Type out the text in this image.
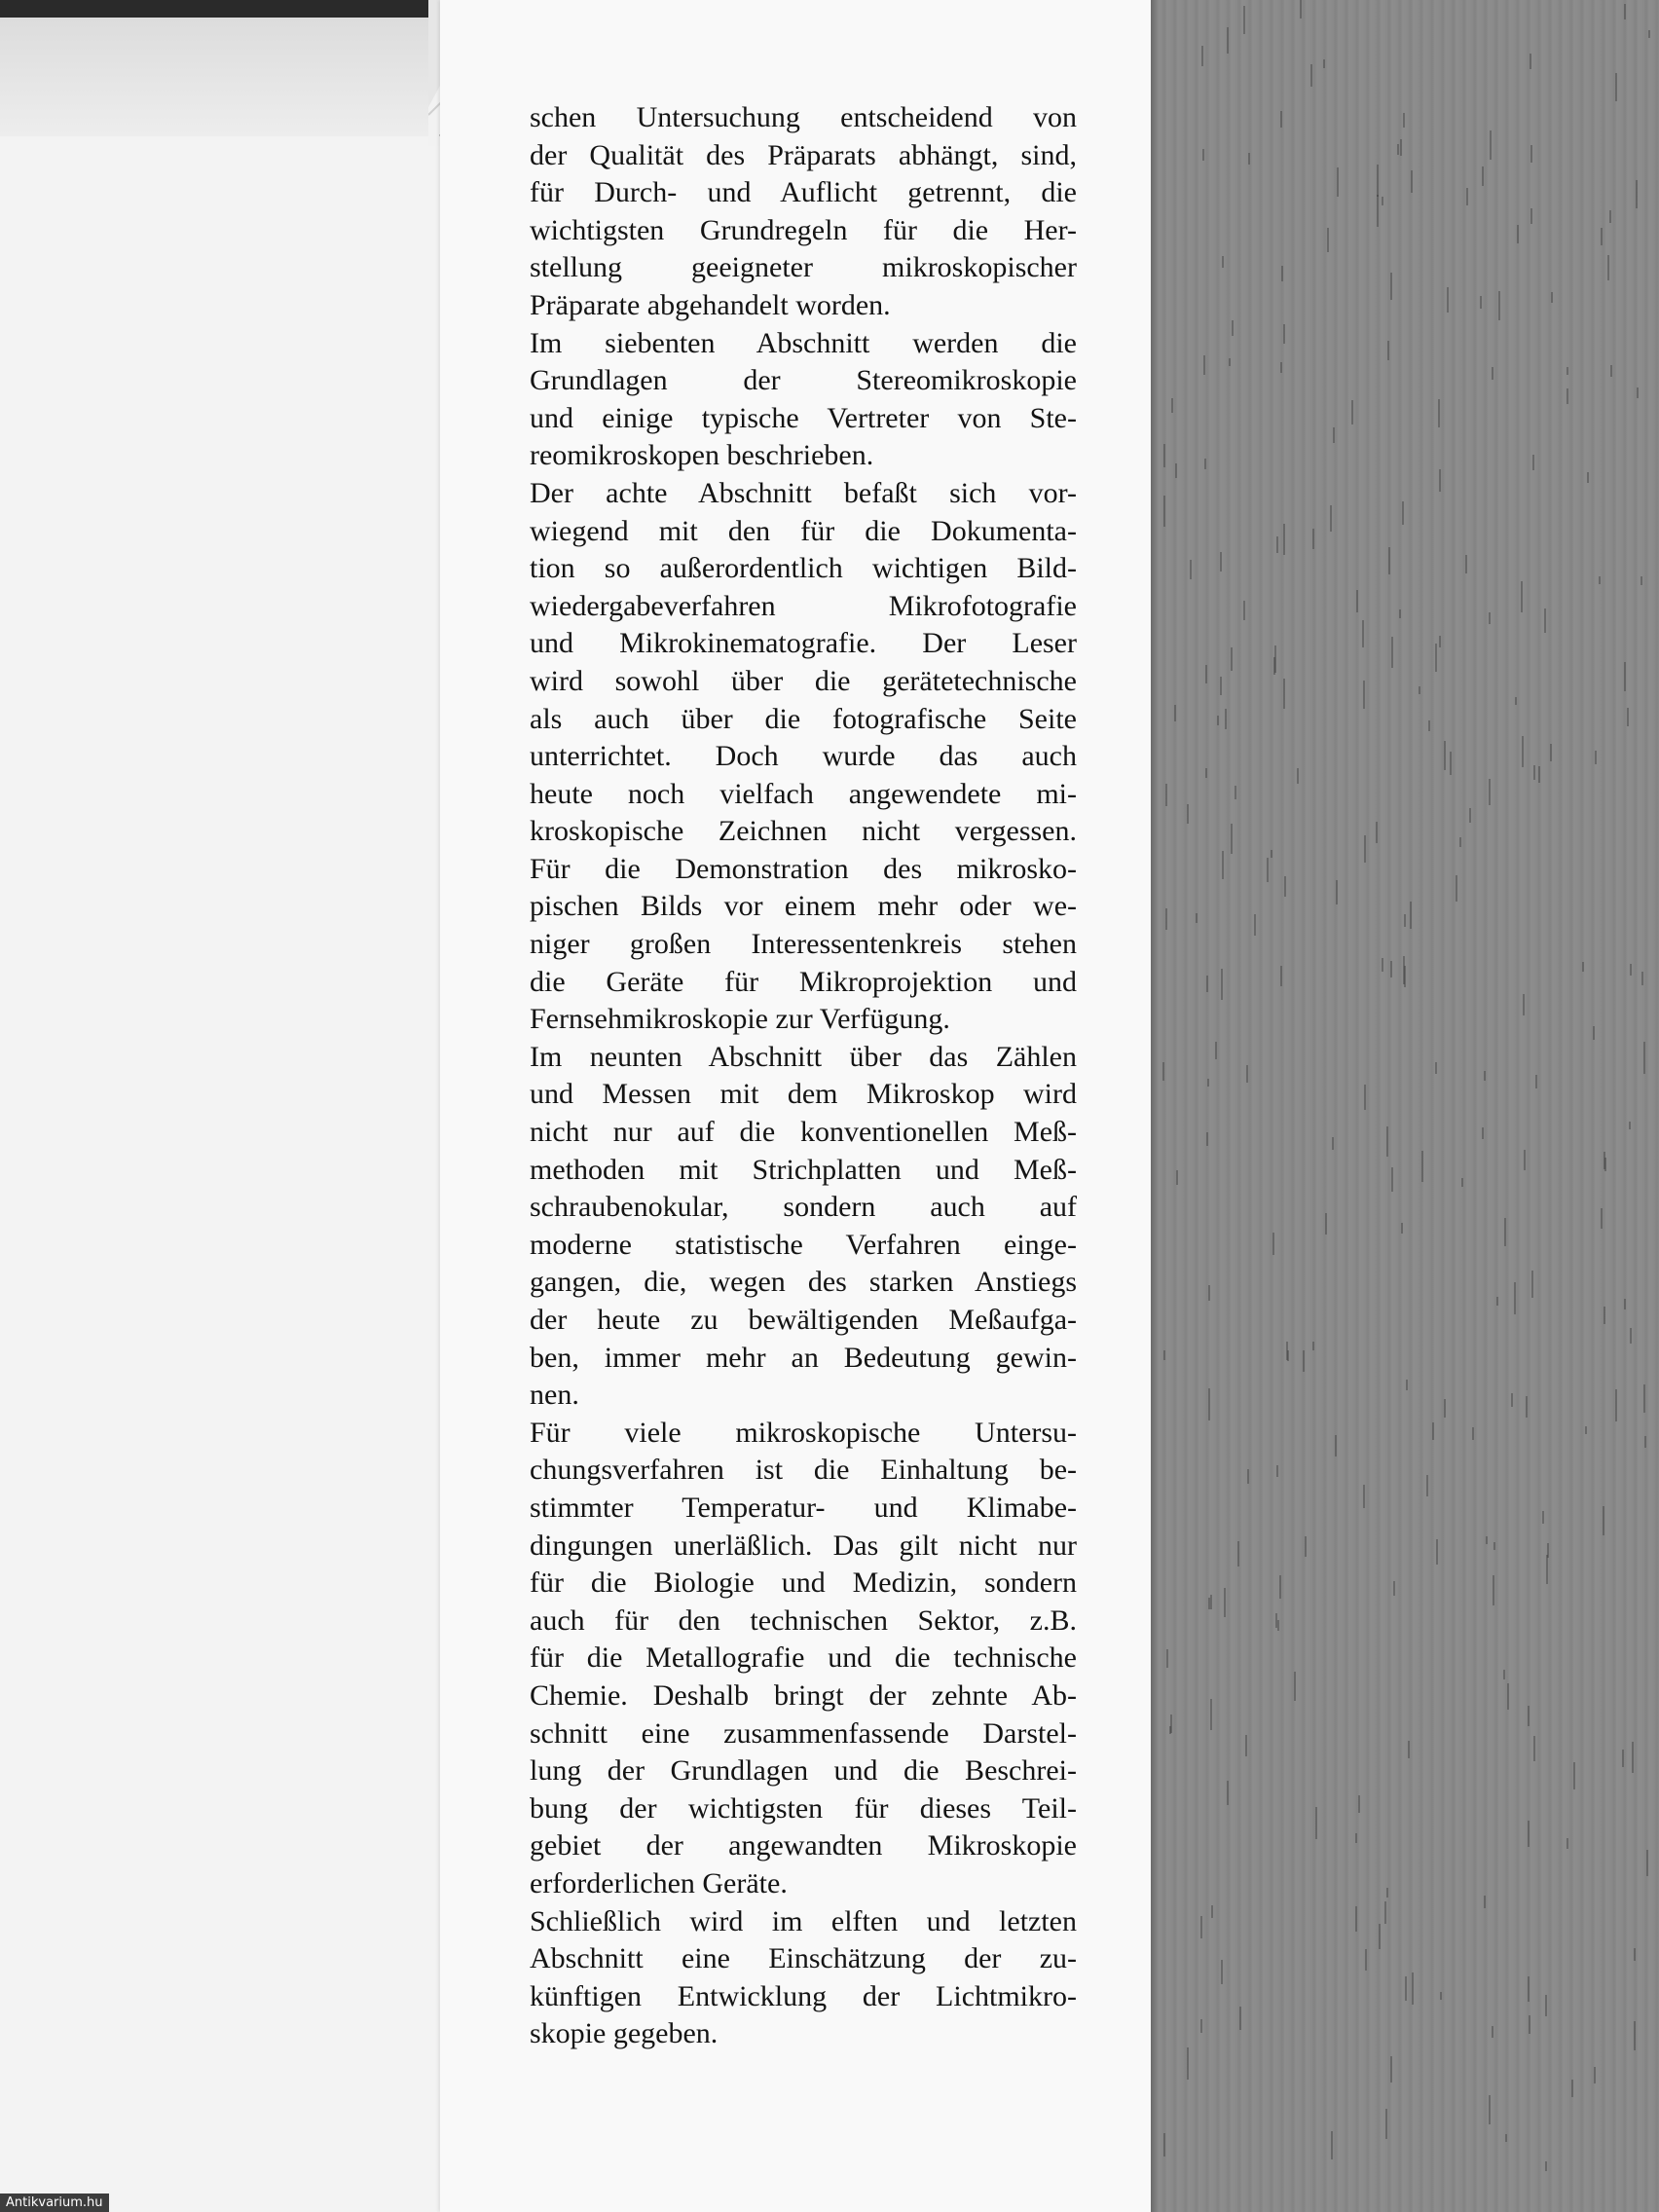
schen Untersuchung entscheidend von
der Qualität des Präparats abhängt, sind,
für Durch- und Auflicht getrennt, die
wichtigsten Grundregeln für die Her-
stellung geeigneter mikroskopischer
Präparate abgehandelt worden.

Im siebenten Abschnitt werden die
Grundlagen der Stereomikroskopie
und einige typische Vertreter von Ste-
reomikroskopen beschrieben.

Der achte Abschnitt befaßt sich vor-
wiegend mit den für die Dokumenta-
tion so außerordentlich wichtigen Bild-
wiedergabeverfahren Mikrofotografie
und Mikrokinematografie. Der Leser
wird sowohl über die gerätetechnische
als auch über die fotografische Seite
unterrichtet. Doch wurde das auch
heute noch vielfach angewendete mi-
kroskopische Zeichnen nicht vergessen.
Für die Demonstration des mikrosko-
pischen Bilds vor einem mehr oder we-
niger großen Interessentenkreis stehen
die Geräte für Mikroprojektion und
Fernsehmikroskopie zur Verfügung.

Im neunten Abschnitt über das Zählen
und Messen mit dem Mikroskop wird
nicht nur auf die konventionellen Meß-
methoden mit Strichplatten und Meß-
schraubenokular, sondern auch auf
moderne statistische Verfahren einge-
gangen, die, wegen des starken Anstiegs
der heute zu bewältigenden Meßaufga-
ben, immer mehr an Bedeutung gewin-
nen.

Für viele mikroskopische Untersu-
chungsverfahren ist die Einhaltung be-
stimmter Temperatur- und Klimabe-
dingungen unerläßlich. Das gilt nicht nur
für die Biologie und Medizin, sondern
auch für den technischen Sektor, z.B.
für die Metallografie und die technische
Chemie. Deshalb bringt der zehnte Ab-
schnitt eine zusammenfassende Darstel-
lung der Grundlagen und die Beschrei-
bung der wichtigsten für dieses Teil-
gebiet der angewandten Mikroskopie
erforderlichen Geräte.

Schließlich wird im elften und letzten
Abschnitt eine Einschätzung der zu-
künftigen Entwicklung der Lichtmikro-
skopie gegeben.

Antikvarium.hu
